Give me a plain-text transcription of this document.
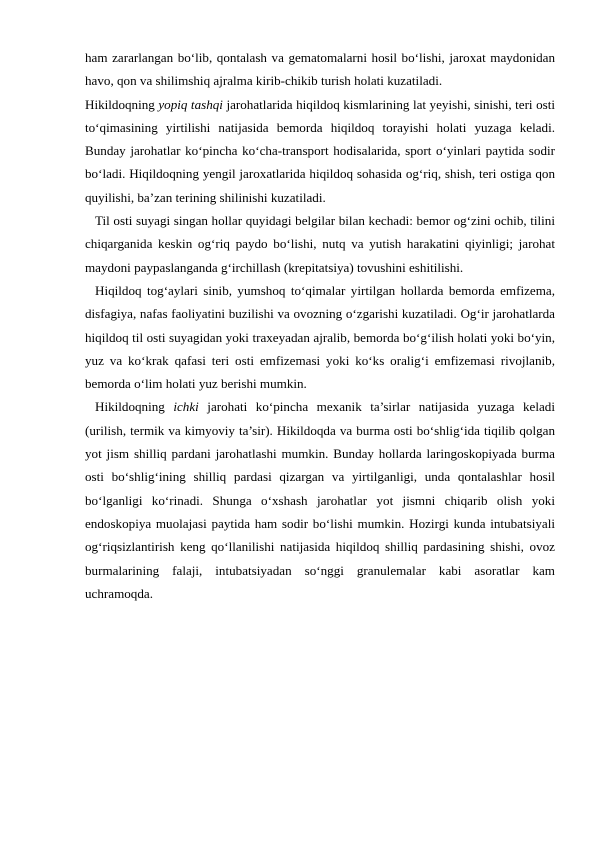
ham zararlangan bo‘lib, qontalash va gematomalarni hosil bo‘lishi, jaroxat maydonidan havo, qon va shilimshiq ajralma kirib-chikib turish holati kuzatiladi.

Hikildoqning yopiq tashqi jarohatlarida hiqildoq kismlarining lat yeyishi, sinishi, teri osti to‘qimasining yirtilishi natijasida bemorda hiqildoq torayishi holati yuzaga keladi. Bunday jarohatlar ko‘pincha ko‘cha-transport hodisalarida, sport o‘yinlari paytida sodir bo‘ladi. Hiqildoqning yengil jaroxatlarida hiqildoq sohasida og‘riq, shish, teri ostiga qon quyilishi, ba’zan terining shilinishi kuzatiladi.

Til osti suyagi singan hollar quyidagi belgilar bilan kechadi: bemor og‘zini ochib, tilini chiqarganida keskin og‘riq paydo bo‘lishi, nutq va yutish harakatini qiyinligi; jarohat maydoni paypaslanganda g‘irchillash (krepitatsiya) tovushini eshitilishi.

Hiqildoq tog‘aylari sinib, yumshoq to‘qimalar yirtilgan hollarda bemorda emfizema, disfagiya, nafas faoliyatini buzilishi va ovozning o‘zgarishi kuzatiladi. Og‘ir jarohatlarda hiqildoq til osti suyagidan yoki traxeyadan ajralib, bemorda bo‘g‘ilish holati yoki bo‘yin, yuz va ko‘krak qafasi teri osti emfizemasi yoki ko‘ks oralig‘i emfizemasi rivojlanib, bemorda o‘lim holati yuz berishi mumkin.

Hikildoqning ichki jarohati ko‘pincha mexanik ta’sirlar natijasida yuzaga keladi (urilish, termik va kimyoviy ta’sir). Hikildoqda va burma osti bo‘shlig‘ida tiqilib qolgan yot jism shilliq pardani jarohatlashi mumkin. Bunday hollarda laringoskopiyada burma osti bo‘shlig‘ining shilliq pardasi qizargan va yirtilganligi, unda qontalashlar hosil bo‘lganligi ko‘rinadi. Shunga o‘xshash jarohatlar yot jismni chiqarib olish yoki endoskopiya muolajasi paytida ham sodir bo‘lishi mumkin. Hozirgi kunda intubatsiyali og‘riqsizlantirish keng qo‘llanilishi natijasida hiqildoq shilliq pardasining shishi, ovoz burmalarining falaji, intubatsiyadan so‘nggi granulemalar kabi asoratlar kam uchramoqda.
